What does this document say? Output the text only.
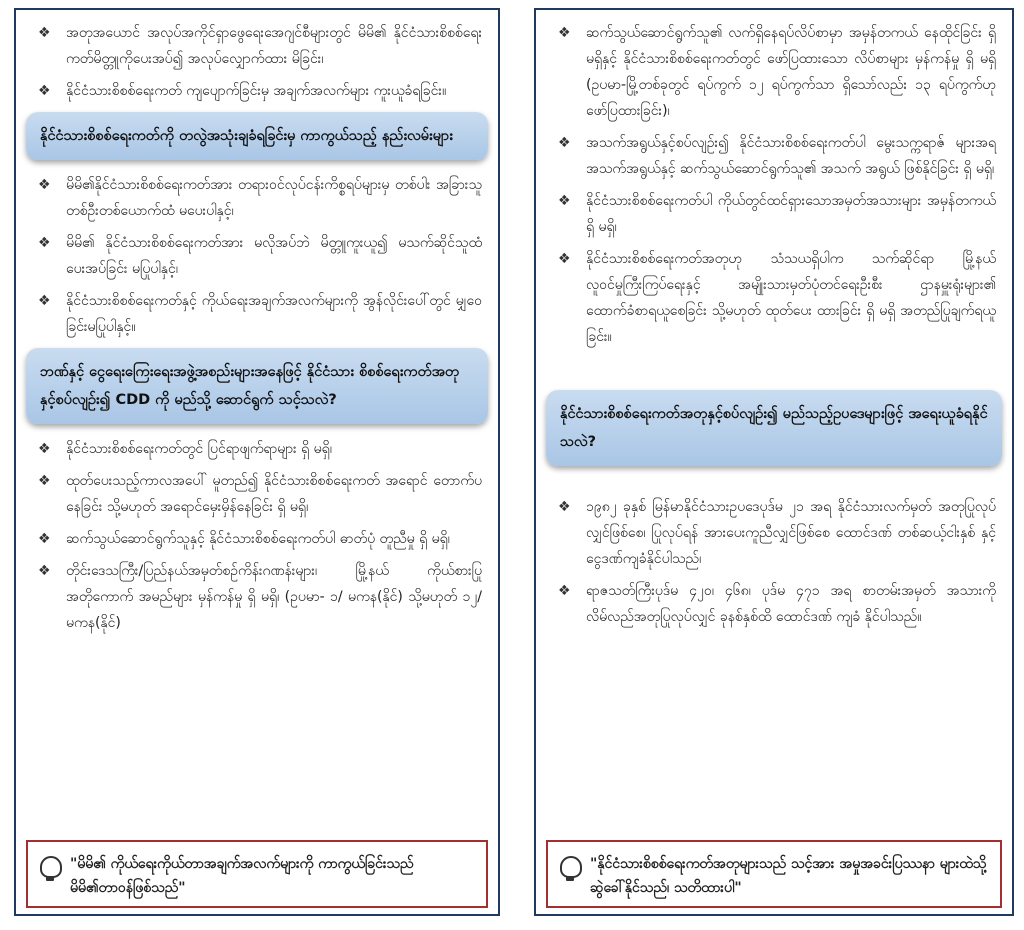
❖ အတုအယောင် အလုပ်အကိုင်ရှာဖွေရေးအေဂျင်စီများတွင် မိမိ၏ နိုင်ငံသားစိစစ်ရေးကတ်မိတ္တူကိုပေးအပ်၍ အလုပ်လျှောက်ထား မိခြင်း၊
❖ နိုင်ငံသားစိစစ်ရေးကတ် ကျပျောက်ခြင်းမှ အချက်အလက်များ ကူးယူခံရခြင်း။
နိုင်ငံသားစိစစ်ရေးကတ်ကို တလွဲအသုံးချခံရခြင်းမှ ကာကွယ်သည့် နည်းလမ်းများ
❖ မိမိ၏နိုင်ငံသားစိစစ်ရေးကတ်အား တရားဝင်လုပ်ငန်းကိစ္စရပ်များမှ တစ်ပါး အခြားသူတစ်ဦးတစ်ယောက်ထံ မပေးပါနှင့်၊
❖ မိမိ၏ နိုင်ငံသားစိစစ်ရေးကတ်အား မလိုအပ်ဘဲ မိတ္တူကူးယူ၍ မသက်ဆိုင်သူထံ ပေးအပ်ခြင်း မပြုပါနှင့်၊
❖ နိုင်ငံသားစိစစ်ရေးကတ်နှင့် ကိုယ်ရေးအချက်အလက်များကို အွန်လိုင်းပေါ်တွင် မျှဝေခြင်းမပြုပါနှင့်။
ဘဏ်နှင့် ငွေရေးကြေးရေးအဖွဲ့အစည်းများအနေဖြင့် နိုင်ငံသား စိစစ်ရေးကတ်အတုနှင့်စပ်လျဉ်း၍ CDD ကို မည်သို့ ဆောင်ရွက် သင့်သလဲ?
❖ နိုင်ငံသားစိစစ်ရေးကတ်တွင် ပြင်ရာဖျက်ရာများ ရှိ မရှိ၊
❖ ထုတ်ပေးသည့်ကာလအပေါ် မူတည်၍ နိုင်ငံသားစိစစ်ရေးကတ် အရောင် တောက်ပနေခြင်း သို့မဟုတ် အရောင်မှေးမှိန်နေခြင်း ရှိ မရှိ၊
❖ ဆက်သွယ်ဆောင်ရွက်သူနှင့် နိုင်ငံသားစိစစ်ရေးကတ်ပါ ဓာတ်ပုံ တူညီမှု ရှိ မရှိ၊
❖ တိုင်းဒေသကြီး/ပြည်နယ်အမှတ်စဉ်ကိန်းဂဏန်းများ၊ မြို့နယ် ကိုယ်စားပြု အတိုကောက် အမည်များ မှန်ကန်မှု ရှိ မရှိ၊ (ဥပမာ- ၁/ မကန(နိုင်) သို့မဟုတ် ၁၂/ မကန(နိုင်)
"မိမိ၏ ကိုယ်ရေးကိုယ်တာအချက်အလက်များကို ကာကွယ်ခြင်းသည် မိမိ၏တာဝန်ဖြစ်သည်"
❖ ဆက်သွယ်ဆောင်ရွက်သူ၏ လက်ရှိနေရပ်လိပ်စာမှာ အမှန်တကယ် နေထိုင်ခြင်း ရှိ မရှိနှင့် နိုင်ငံသားစိစစ်ရေးကတ်တွင် ဖော်ပြထားသော လိပ်စာများ မှန်ကန်မှု ရှိ မရှိ (ဥပမာ-မြို့တစ်ခုတွင် ရပ်ကွက် ၁၂ ရပ်ကွက်သာ ရှိသော်လည်း ၁၃ ရပ်ကွက်ဟု ဖော်ပြထားခြင်း)၊
❖ အသက်အရွယ်နှင့်စပ်လျဉ်း၍ နိုင်ငံသားစိစစ်ရေးကတ်ပါ မွေးသက္ကရာဇ် များအရ အသက်အရွယ်နှင့် ဆက်သွယ်ဆောင်ရွက်သူ၏ အသက် အရွယ် ဖြစ်နိုင်ခြင်း ရှိ မရှိ၊
❖ နိုင်ငံသားစိစစ်ရေးကတ်ပါ ကိုယ်တွင်ထင်ရှားသောအမှတ်အသားများ အမှန်တကယ် ရှိ မရှိ၊
❖ နိုင်ငံသားစိစစ်ရေးကတ်အတုဟု သံသယရှိပါက သက်ဆိုင်ရာ မြို့နယ် လူဝင်မှုကြီးကြပ်ရေးနှင့် အမျိုးသားမှတ်ပုံတင်ရေးဦးစီး ဌာနမှူးရုံးများ၏ ထောက်ခံစာရယူစေခြင်း သို့မဟုတ် ထုတ်ပေး ထားခြင်း ရှိ မရှိ အတည်ပြုချက်ရယူခြင်း။
နိုင်ငံသားစိစစ်ရေးကတ်အတုနှင့်စပ်လျဉ်း၍ မည်သည့်ဥပဒေများဖြင့် အရေးယူခံရနိုင်သလဲ?
❖ ၁၉၈၂ ခုနှစ် မြန်မာနိုင်ငံသားဥပဒေပုဒ်မ ၂၁ အရ နိုင်ငံသားလက်မှတ် အတုပြုလုပ်လျှင်ဖြစ်စေ၊ ပြုလုပ်ရန် အားပေးကူညီလျှင်ဖြစ်စေ ထောင်ဒဏ် တစ်ဆယ့်ငါးနှစ် နှင့် ငွေဒဏ်ကျခံနိုင်ပါသည်၊
❖ ရာဇသတ်ကြီးပုဒ်မ ၄၂၀၊ ၄၆၈၊ ပုဒ်မ ၄၇၁ အရ စာတမ်းအမှတ် အသားကို လိမ်လည်အတုပြုလုပ်လျှင် ခုနစ်နှစ်ထိ ထောင်ဒဏ် ကျခံ နိုင်ပါသည်။
"နိုင်ငံသားစိစစ်ရေးကတ်အတုများသည် သင့်အား အမှုအခင်းပြဿနာ များထဲသို့ ဆွဲခေါ်နိုင်သည်၊ သတိထားပါ"
